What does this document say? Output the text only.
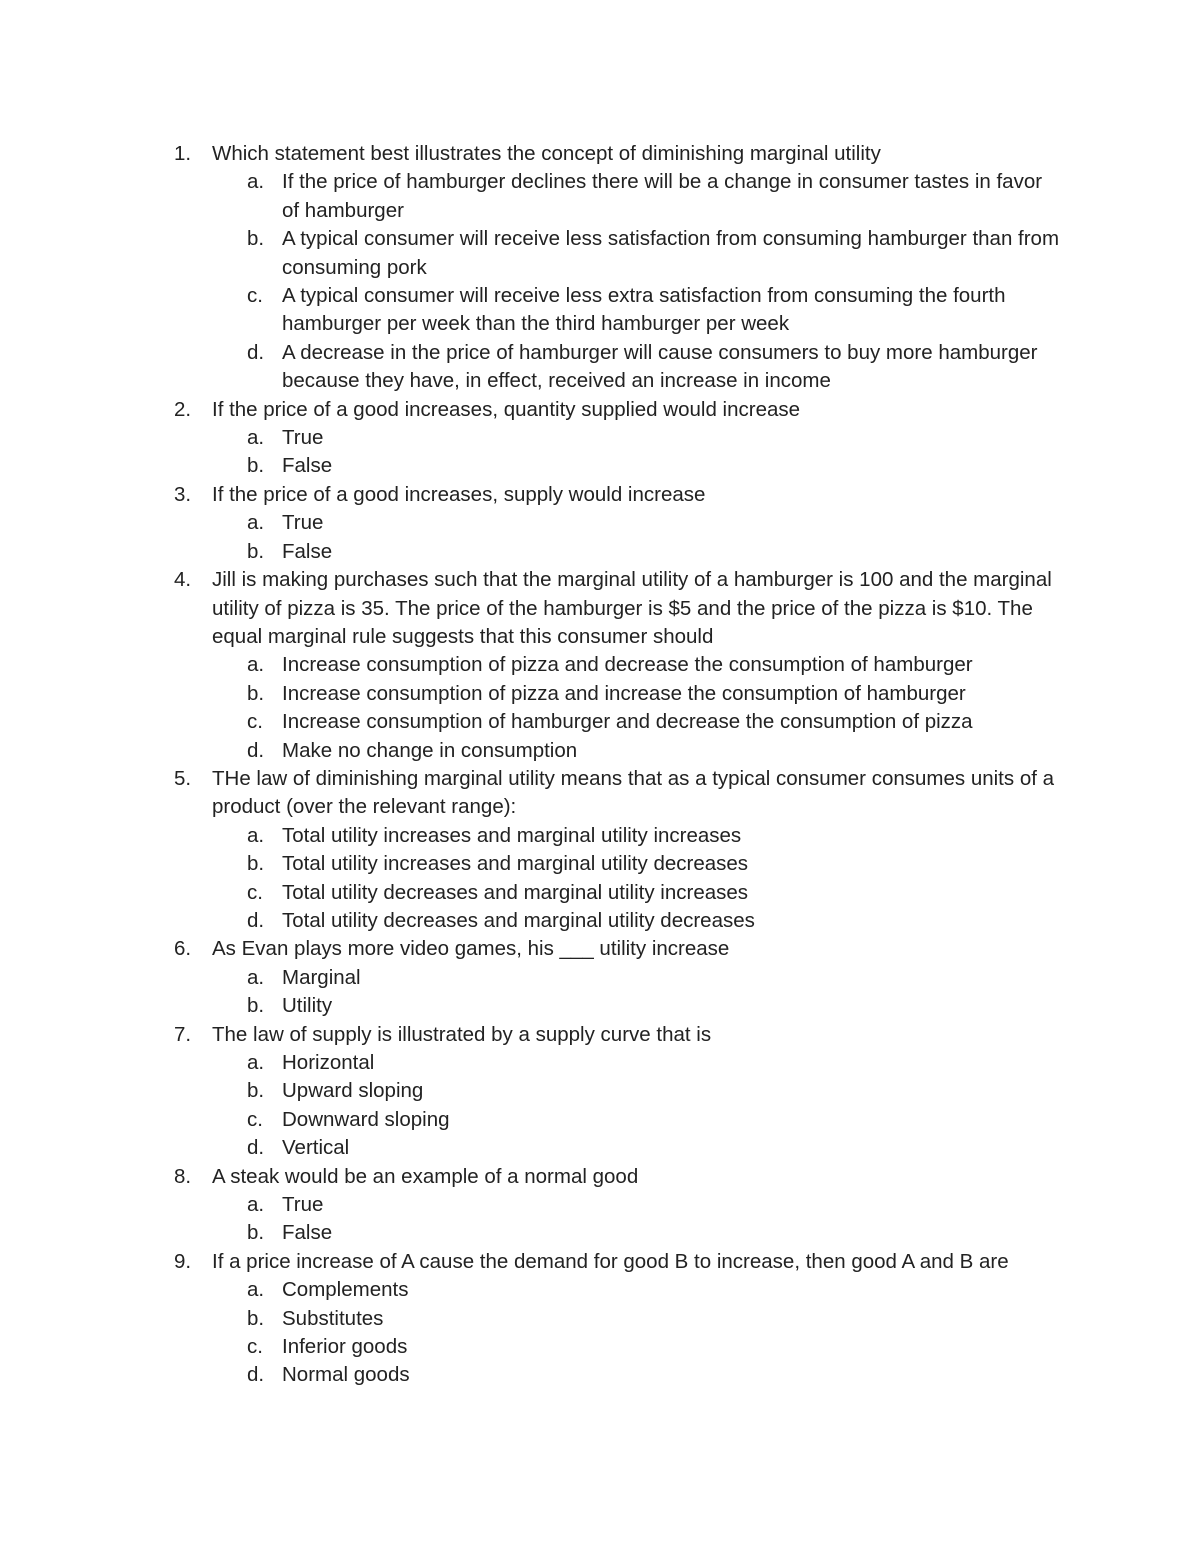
1.	Which statement best illustrates the concept of diminishing marginal utility
a. If the price of hamburger declines there will be a change in consumer tastes in favor of hamburger
b. A typical consumer will receive less satisfaction from consuming hamburger than from consuming pork
c. A typical consumer will receive less extra satisfaction from consuming the fourth hamburger per week than the third hamburger per week
d. A decrease in the price of hamburger will cause consumers to buy more hamburger because they have, in effect, received an increase in income
2.	If the price of a good increases, quantity supplied would increase
a. True
b. False
3.	If the price of a good increases, supply would increase
a. True
b. False
4.	Jill is making purchases such that the marginal utility of a hamburger is 100 and the marginal utility of pizza is 35. The price of the hamburger is $5 and the price of the pizza is $10. The equal marginal rule suggests that this consumer should
a. Increase consumption of pizza and decrease the consumption of hamburger
b. Increase consumption of pizza and increase the consumption of hamburger
c. Increase consumption of hamburger and decrease the consumption of pizza
d. Make no change in consumption
5.	THe law of diminishing marginal utility means that as a typical consumer consumes units of a product (over the relevant range):
a. Total utility increases and marginal utility increases
b. Total utility increases and marginal utility decreases
c. Total utility decreases and marginal utility increases
d. Total utility decreases and marginal utility decreases
6.	As Evan plays more video games, his ___ utility increase
a. Marginal
b. Utility
7.	The law of supply is illustrated by a supply curve that is
a. Horizontal
b. Upward sloping
c. Downward sloping
d. Vertical
8.	A steak would be an example of a normal good
a. True
b. False
9.	If a price increase of A cause the demand for good B to increase, then good A and B are
a. Complements
b. Substitutes
c. Inferior goods
d. Normal goods
